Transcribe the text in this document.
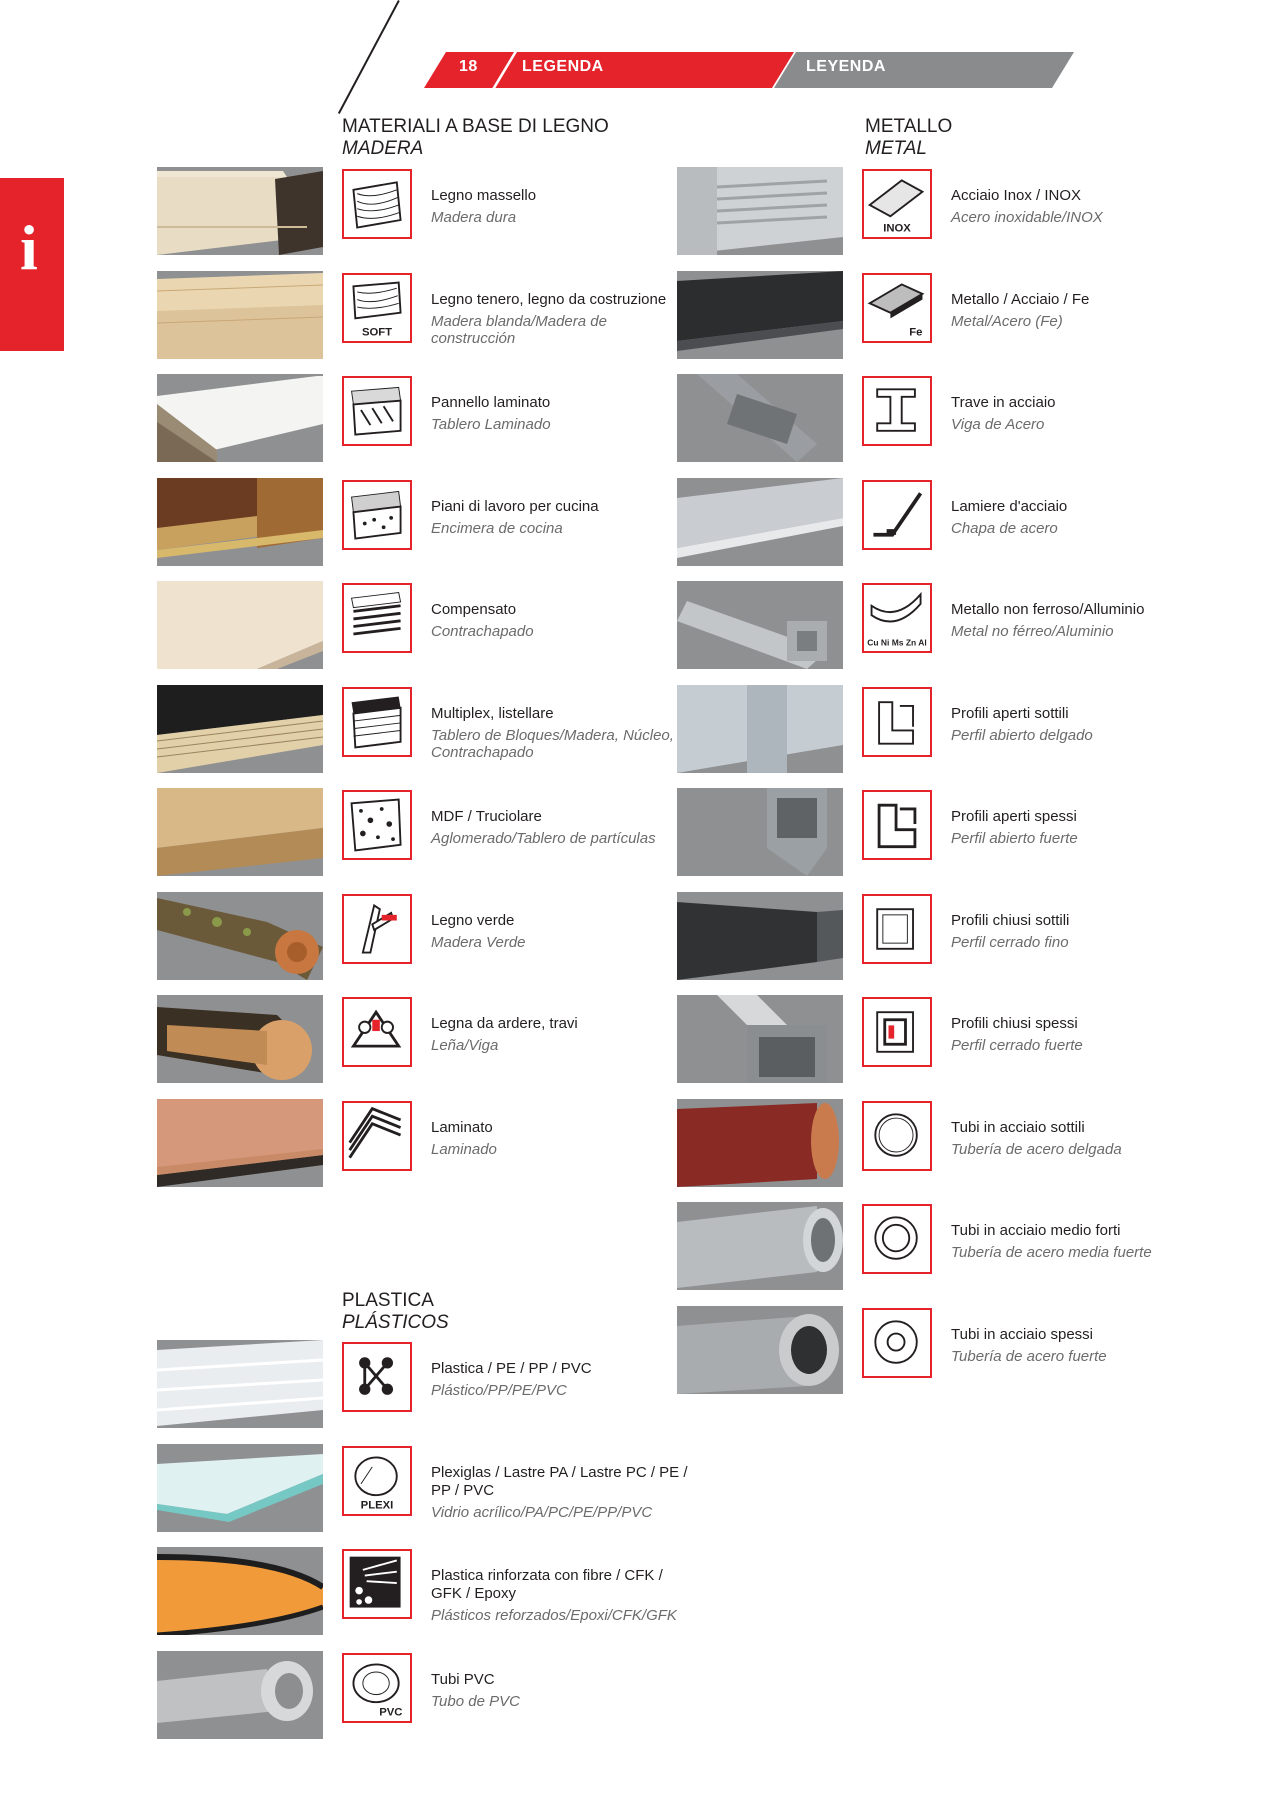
18	LEGENDA	LEYENDA
i
MATERIALI A BASE DI LEGNO
MADERA
METALLO
METAL
PLASTICA
PLÁSTICOS
Legno massello
Madera dura
SOFT
Legno tenero, legno da costruzione
Madera blanda/Madera de construcción
Pannello laminato
Tablero Laminado
Piani di lavoro per cucina
Encimera de cocina
Compensato
Contrachapado
Multiplex, listellare
Tablero de Bloques/Madera, Núcleo, Contrachapado
MDF / Truciolare
Aglomerado/Tablero de partículas
Legno verde
Madera Verde
Legna da ardere, travi
Leña/Viga
Laminato
Laminado
Plastica / PE / PP / PVC
Plástico/PP/PE/PVC
PLEXI
Plexiglas / Lastre PA / Lastre PC / PE / PP / PVC
Vidrio acrílico/PA/PC/PE/PP/PVC
Plastica rinforzata con fibre / CFK / GFK / Epoxy
Plásticos reforzados/Epoxi/CFK/GFK
PVC
Tubi PVC
Tubo de PVC
INOX
Acciaio Inox / INOX
Acero inoxidable/INOX
Fe
Metallo / Acciaio / Fe
Metal/Acero (Fe)
Trave in acciaio
Viga de Acero
Lamiere d'acciaio
Chapa de acero
Cu Ni Ms Zn Al
Metallo non ferroso/Alluminio
Metal no férreo/Aluminio
Profili aperti sottili
Perfil abierto delgado
Profili aperti spessi
Perfil abierto fuerte
Profili chiusi sottili
Perfil cerrado fino
Profili chiusi spessi
Perfil cerrado fuerte
Tubi in acciaio sottili
Tubería de acero delgada
Tubi in acciaio medio forti
Tubería de acero media fuerte
Tubi in acciaio spessi
Tubería de acero fuerte
